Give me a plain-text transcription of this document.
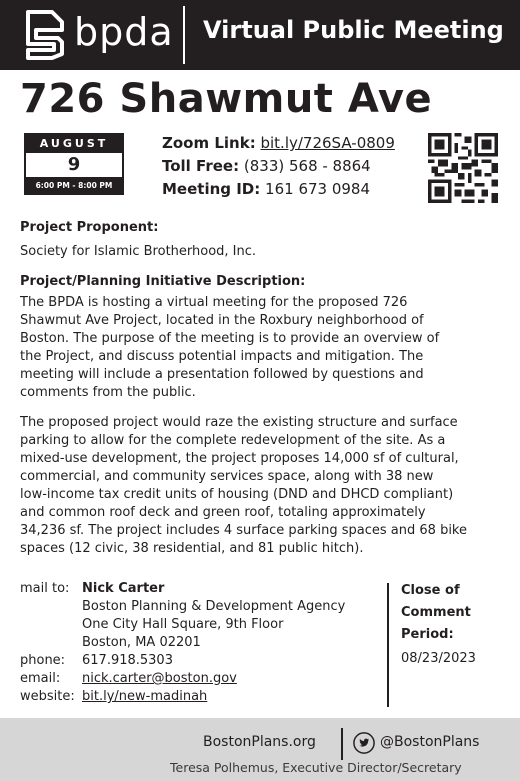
bpda Virtual Public Meeting
726 Shawmut Ave
AUGUST
9
6:00 PM - 8:00 PM
Zoom Link: bit.ly/726SA-0809
Toll Free: (833) 568 - 8864
Meeting ID: 161 673 0984
Project Proponent:
Society for Islamic Brotherhood, Inc.
Project/Planning Initiative Description:
The BPDA is hosting a virtual meeting for the proposed 726
Shawmut Ave Project, located in the Roxbury neighborhood of
Boston. The purpose of the meeting is to provide an overview of
the Project, and discuss potential impacts and mitigation. The
meeting will include a presentation followed by questions and
comments from the public.
The proposed project would raze the existing structure and surface
parking to allow for the complete redevelopment of the site. As a
mixed-use development, the project proposes 14,000 sf of cultural,
commercial, and community services space, along with 38 new
low-income tax credit units of housing (DND and DHCD compliant)
and common roof deck and green roof, totaling approximately
34,236 sf. The project includes 4 surface parking spaces and 68 bike
spaces (12 civic, 38 residential, and 81 public hitch).
mail to: Nick Carter
Boston Planning & Development Agency
One City Hall Square, 9th Floor
Boston, MA 02201
phone: 617.918.5303
email: nick.carter@boston.gov
website: bit.ly/new-madinah
Close of
Comment
Period:
08/23/2023
BostonPlans.org	@BostonPlans
Teresa Polhemus, Executive Director/Secretary
